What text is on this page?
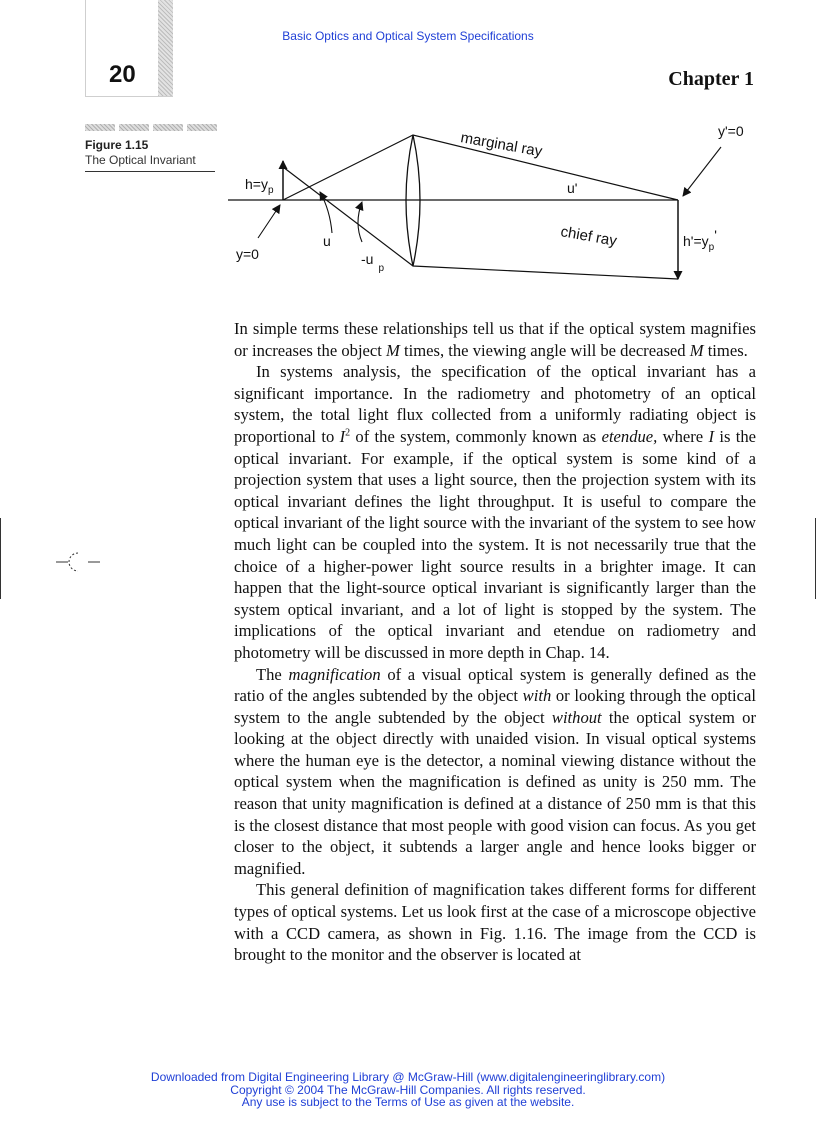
Basic Optics and Optical System Specifications
20	Chapter 1
Figure 1.15
The Optical Invariant	marginal ray
chief ray
y'=0
u'
u
y=0
$h=y_p$
$h'=y_p'$
$-u_p$

In simple terms these relationships tell us that if the optical system magnifies or increases the object M times, the viewing angle will be decreased M times.

In systems analysis, the specification of the optical invariant has a significant importance. In the radiometry and photometry of an optical system, the total light flux collected from a uniformly radiating object is proportional to $I^2$ of the system, commonly known as etendue, where I is the optical invariant. For example, if the optical system is some kind of a projection system that uses a light source, then the projection system with its optical invariant defines the light throughput. It is useful to compare the optical invariant of the light source with the invariant of the system to see how much light can be coupled into the system. It is not necessarily true that the choice of a higher-power light source results in a brighter image. It can happen that the light-source optical invariant is significantly larger than the system optical invariant, and a lot of light is stopped by the system. The implications of the optical invariant and etendue on radiometry and photometry will be discussed in more depth in Chap. 14.

The magnification of a visual optical system is generally defined as the ratio of the angles subtended by the object with or looking through the optical system to the angle subtended by the object without the optical system or looking at the object directly with unaided vision. In visual optical systems where the human eye is the detector, a nominal viewing distance without the optical system when the magnification is defined as unity is 250 mm. The reason that unity magnification is defined at a distance of 250 mm is that this is the closest distance that most people with good vision can focus. As you get closer to the object, it subtends a larger angle and hence looks bigger or magnified.

This general definition of magnification takes different forms for different types of optical systems. Let us look first at the case of a microscope objective with a CCD camera, as shown in Fig. 1.16. The image from the CCD is brought to the monitor and the observer is located at

Downloaded from Digital Engineering Library @ McGraw-Hill (www.digitalengineeringlibrary.com)
Copyright © 2004 The McGraw-Hill Companies. All rights reserved.
Any use is subject to the Terms of Use as given at the website.
